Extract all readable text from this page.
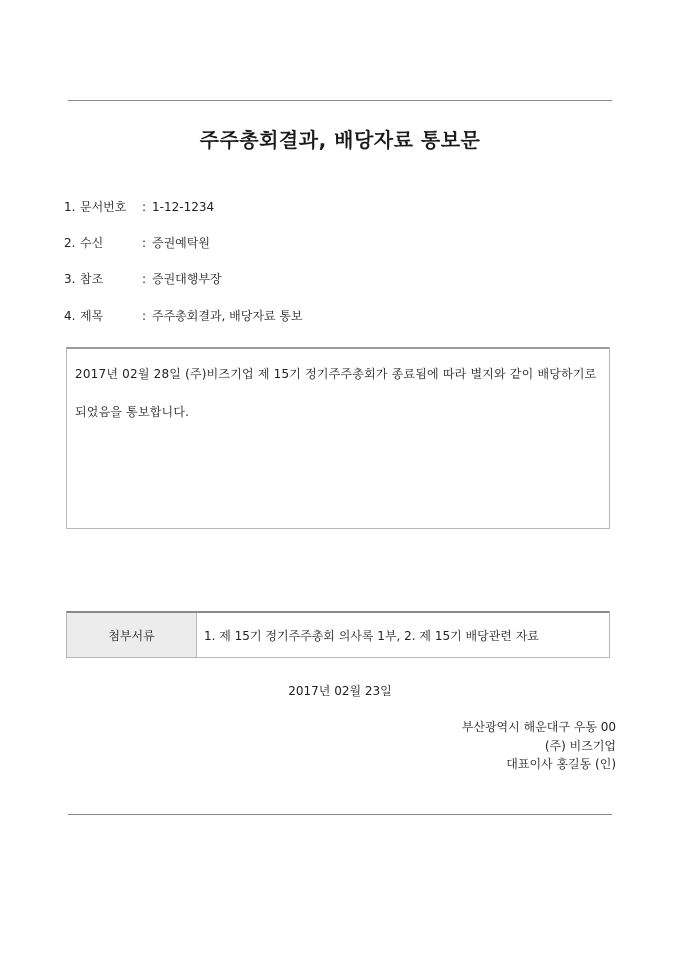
주주총회결과, 배당자료 통보문
1. 문서번호	: 1-12-1234
2. 수신	: 증권예탁원
3. 참조	: 증권대행부장
4. 제목	: 주주총회결과, 배당자료 통보
2017년 02월 28일 (주)비즈기업 제 15기 정기주주총회가 종료됨에 따라 별지와 같이 배당하기로
되었음을 통보합니다.
첨부서류	1. 제 15기 정기주주총회 의사록 1부, 2. 제 15기 배당관련 자료
2017년 02월 23일
부산광역시 해운대구 우동 00
(주) 비즈기업
대표이사 홍길동 (인)
